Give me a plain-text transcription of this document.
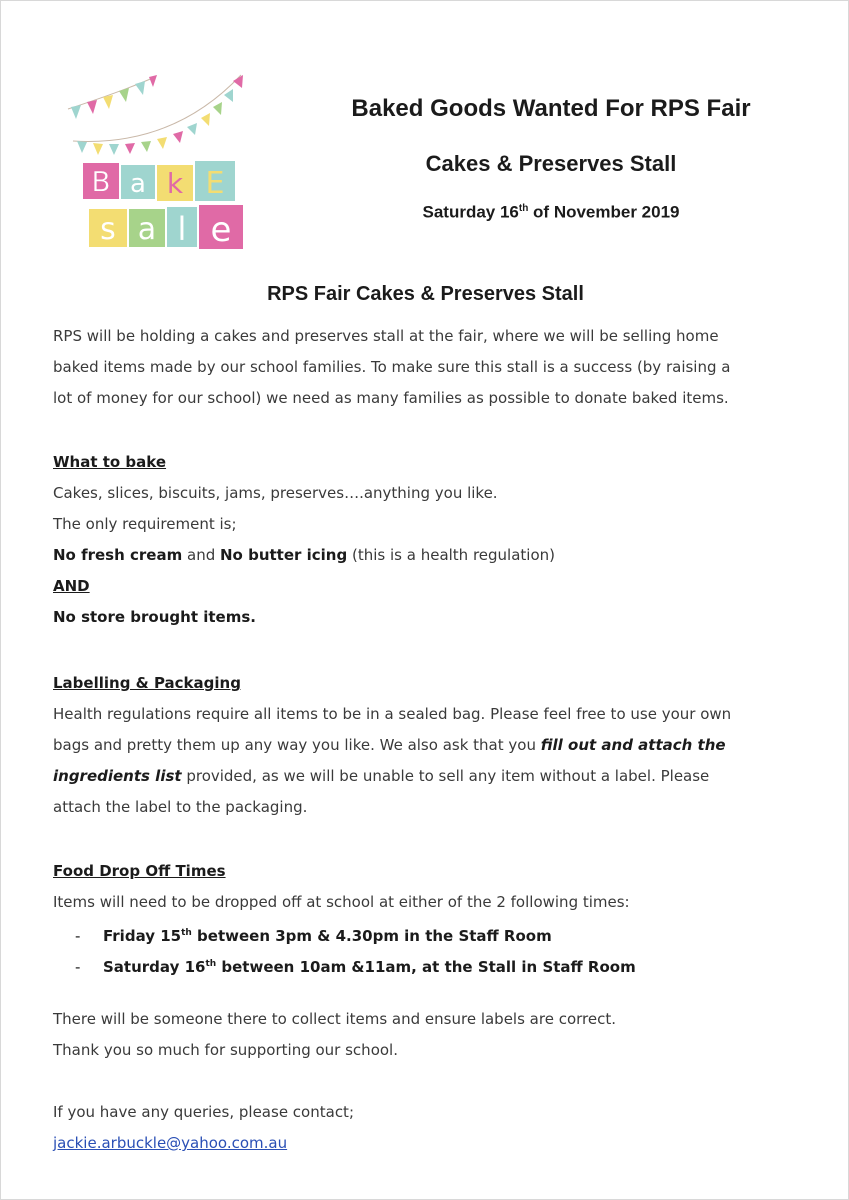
B a k E
s a l e
Baked Goods Wanted For RPS Fair
Cakes & Preserves Stall
Saturday 16th of November 2019
RPS Fair Cakes & Preserves Stall
RPS will be holding a cakes and preserves stall at the fair, where we will be selling home
baked items made by our school families. To make sure this stall is a success (by raising a
lot of money for our school) we need as many families as possible to donate baked items.
What to bake
Cakes, slices, biscuits, jams, preserves….anything you like.
The only requirement is;
No fresh cream and No butter icing (this is a health regulation)
AND
No store brought items.
Labelling & Packaging
Health regulations require all items to be in a sealed bag. Please feel free to use your own
bags and pretty them up any way you like. We also ask that you fill out and attach the
ingredients list provided, as we will be unable to sell any item without a label. Please
attach the label to the packaging.
Food Drop Off Times
Items will need to be dropped off at school at either of the 2 following times:
- Friday 15th between 3pm & 4.30pm in the Staff Room
- Saturday 16th between 10am &11am, at the Stall in Staff Room
There will be someone there to collect items and ensure labels are correct.
Thank you so much for supporting our school.
If you have any queries, please contact;
jackie.arbuckle@yahoo.com.au
